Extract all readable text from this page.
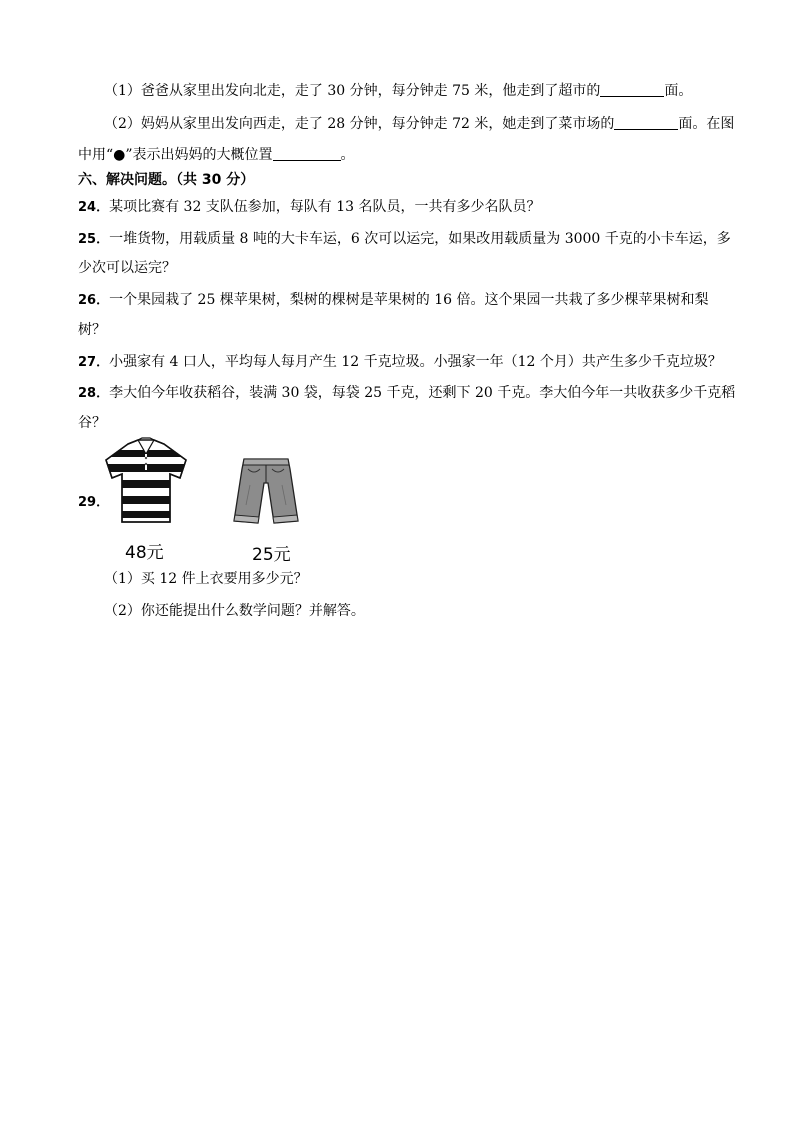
（1）爸爸从家里出发向北走，走了 30 分钟，每分钟走 75 米，他走到了超市的	面。
（2）妈妈从家里出发向西走，走了 28 分钟，每分钟走 72 米，她走到了菜市场的	面。在图
中用“●”表示出妈妈的大概位置	。
六、解决问题。（共 30 分）
24．某项比赛有 32 支队伍参加，每队有 13 名队员，一共有多少名队员？
25．一堆货物，用载质量 8 吨的大卡车运，6 次可以运完，如果改用载质量为 3000 千克的小卡车运，多
少次可以运完？
26．一个果园栽了 25 棵苹果树，梨树的棵树是苹果树的 16 倍。这个果园一共栽了多少棵苹果树和梨
树？
27．小强家有 4 口人，平均每人每月产生 12 千克垃圾。小强家一年（12 个月）共产生多少千克垃圾？
28．李大伯今年收获稻谷，装满 30 袋，每袋 25 千克，还剩下 20 千克。李大伯今年一共收获多少千克稻
谷？
29．
48元	25元
（1）买 12 件上衣要用多少元？
（2）你还能提出什么数学问题？并解答。
